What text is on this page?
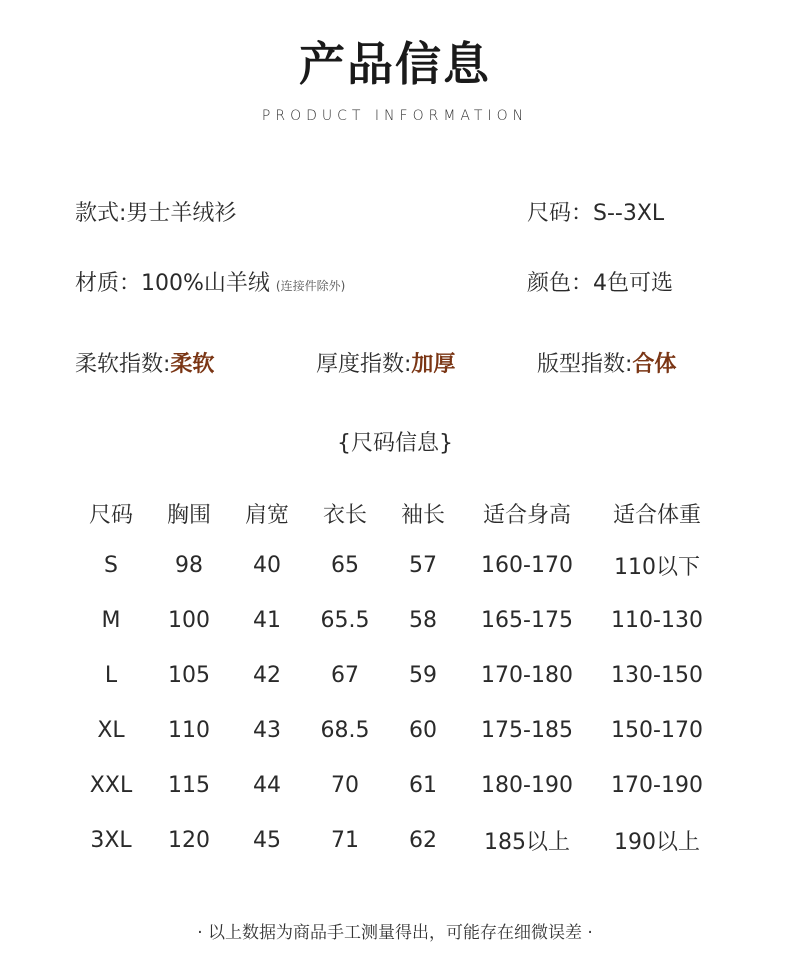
产品信息
PRODUCT INFORMATION
款式:男士羊绒衫	尺码：S--3XL
材质：100%山羊绒 (连接件除外)	颜色：4色可选
柔软指数:柔软	厚度指数:加厚	版型指数:合体
{尺码信息}
尺码	胸围	肩宽	衣长	袖长	适合身高	适合体重
S	98	40	65	57	160-170	110以下
M	100	41	65.5	58	165-175	110-130
L	105	42	67	59	170-180	130-150
XL	110	43	68.5	60	175-185	150-170
XXL	115	44	70	61	180-190	170-190
3XL	120	45	71	62	185以上	190以上
· 以上数据为商品手工测量得出，可能存在细微误差 ·
